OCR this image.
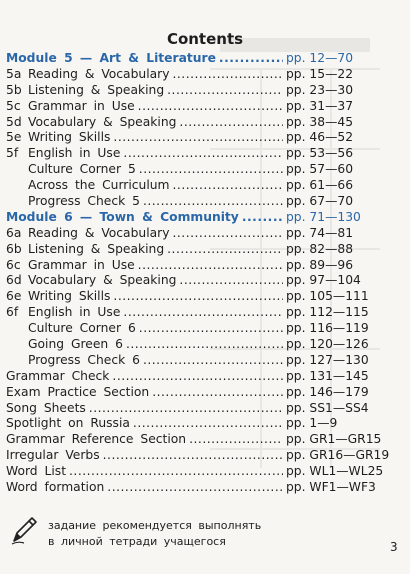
Contents
Module 5 — Art & Literature .....	pp. 12—70
5a Reading & Vocabulary .....	pp. 15—22
5b Listening & Speaking .....	pp. 23—30
5c Grammar in Use .....	pp. 31—37
5d Vocabulary & Speaking .....	pp. 38—45
5e Writing Skills .....	pp. 46—52
5f English in Use .....	pp. 53—56
Culture Corner 5 .....	pp. 57—60
Across the Curriculum .....	pp. 61—66
Progress Check 5 .....	pp. 67—70
Module 6 — Town & Community .....	pp. 71—130
6a Reading & Vocabulary .....	pp. 74—81
6b Listening & Speaking .....	pp. 82—88
6c Grammar in Use .....	pp. 89—96
6d Vocabulary & Speaking .....	pp. 97—104
6e Writing Skills .....	pp. 105—111
6f English in Use .....	pp. 112—115
Culture Corner 6 .....	pp. 116—119
Going Green 6 .....	pp. 120—126
Progress Check 6 .....	pp. 127—130
Grammar Check .....	pp. 131—145
Exam Practice Section .....	pp. 146—179
Song Sheets .....	pp. SS1—SS4
Spotlight on Russia .....	pp. 1—9
Grammar Reference Section .....	pp. GR1—GR15
Irregular Verbs .....	pp. GR16—GR19
Word List .....	pp. WL1—WL25
Word formation .....	pp. WF1—WF3
задание рекомендуется выполнять
в личной тетради учащегося	3
